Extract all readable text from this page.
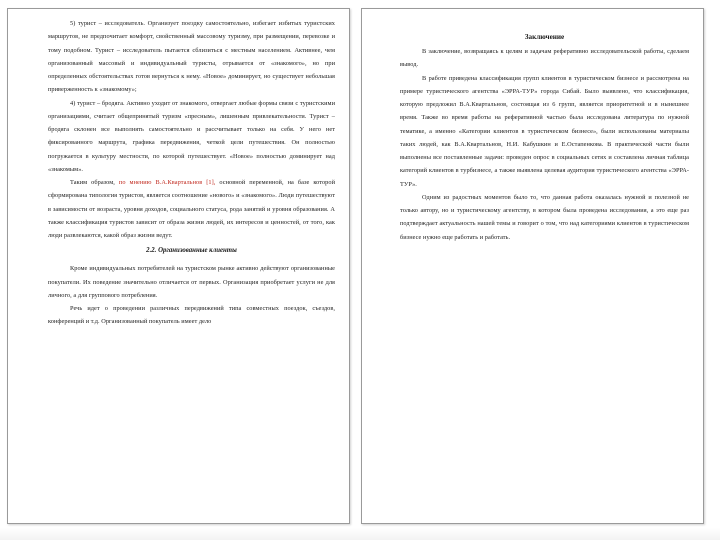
5) турист – исследователь. Организует поездку самостоятельно, избегает избитых туристских маршрутов, не предпочитает комфорт, свойственный массовому туризму, при размещении, перевозке и тому подобном. Турист – исследователь пытается сблизиться с местным населением. Активнее, чем организованный массовый и индивидуальный туристы, отрывается от «знакомого», но при определенных обстоятельствах готов вернуться к нему. «Новое» доминирует, но существует небольшая приверженность к «знакомому»;

4) турист – бродяга. Активно уходит от знакомого, отвергает любые формы связи с туристскими организациями, считает общепринятый туризм «пресным», лишенным привлекательности. Турист – бродяга склонен все выполнять самостоятельно и рассчитывает только на себя. У него нет фиксированного маршрута, графика передвижения, четкой цели путешествия. Он полностью погружается в культуру местности, по которой путешествует. «Новое» полностью доминирует над «знакомым».

Таким образом, по мнению В.А.Квартальнов [1], основной переменной, на базе которой сформирована типология туристов, является соотношение «нового» и «знакомого». Люди путешествуют в зависимости от возраста, уровня доходов, социального статуса, рода занятий и уровня образования. А также классификация туристов зависит от образа жизни людей, их интересов и ценностей, от того, как люди развлекаются, какой образ жизни ведут.

2.2. Организованные клиенты

Кроме индивидуальных потребителей на туристском рынке активно действуют организованные покупатели. Их поведение значительно отличается от первых. Организация приобретает услуги не для личного, а для группового потребления.

Речь идет о проведении различных передвижений типа совместных поездок, съездов, конференций и т.д. Организованный покупатель имеет дело

Заключение

В заключение, возвращаясь к целям и задачам реферативно исследовательской работы, сделаем вывод.

В работе приведена классификация групп клиентов в туристическом бизнесе и рассмотрена на примере туристического агентства «ЭРРА-ТУР» города Сибай. Было выявлено, что классификация, которую предложил В.А.Квартальнов, состоящая из 6 групп, является приоритетной и в нынешнее время. Также во время работы на реферативной частью была исследована литература по нужной тематике, а именно «Категории клиентов в туристическом бизнесе», были использованы материалы таких людей, как В.А.Квартальнов, Н.И. Кабушкин и Е.Остапенкова. В практической части были выполнены все поставленные задачи: проведен опрос в социальных сетях и составлена личная таблица категорий клиентов в турбизнесе, а также выявлена целевая аудитория туристического агентства «ЭРРА-ТУР».

Одним из радостных моментов было то, что данная работа оказалась нужной и полезной не только автору, но и туристическому агентству, в котором была проведена исследования, а это еще раз подтверждает актуальность нашей темы и говорит о том, что над категориями клиентов в туристическом бизнесе нужно еще работать и работать.
